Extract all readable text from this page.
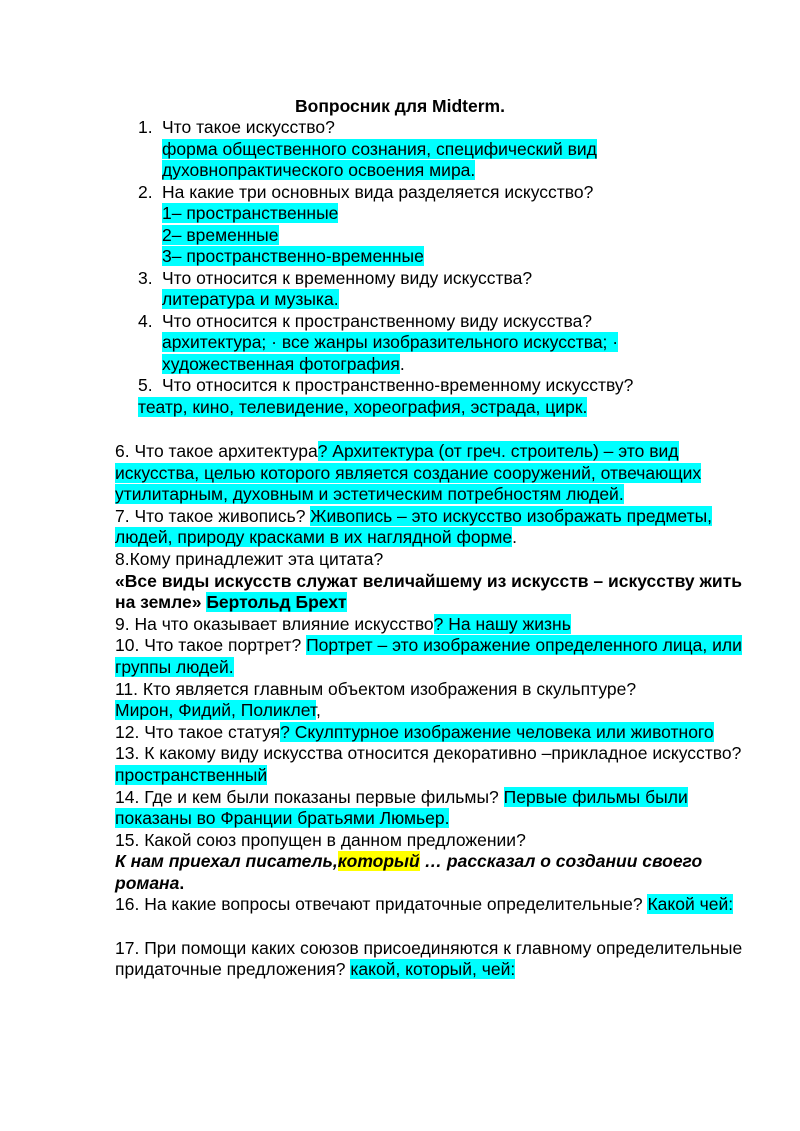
Вопросник для Midterm.
1. Что такое искусство?
форма общественного сознания, специфический вид
духовнопрактического освоения мира.
2. На какие три основных вида разделяется искусство?
1– пространственные
2– временные
3– пространственно-временные
3. Что относится к временному виду искусства?
литература и музыка.
4. Что относится к пространственному виду искусства?
архитектура; · все жанры изобразительного искусства; ·
художественная фотография.
5. Что относится к пространственно-временному искусству?
театр, кино, телевидение, хореография, эстрада, цирк.

6. Что такое архитектура? Архитектура (от греч. строитель) – это вид искусства, целью которого является создание сооружений, отвечающих утилитарным, духовным и эстетическим потребностям людей.

7. Что такое живопись? Живопись – это искусство изображать предметы, людей, природу красками в их наглядной форме.

8.Кому принадлежит эта цитата?

«Все виды искусств служат величайшему из искусств – искусству жить на земле» Бертольд Брехт

9. На что оказывает влияние искусство? На нашу жизнь

10. Что такое портрет? Портрет – это изображение определенного лица, или группы людей.

11. Кто является главным объектом изображения в скульптуре?

Мирон, Фидий, Поликлет,

12. Что такое статуя? Скулптурное изображение человека или животного

13. К какому виду искусства относится декоративно –прикладное искусство? пространственный

14. Где и кем были показаны первые фильмы? Первые фильмы были показаны во Франции братьями Люмьер.

15. Какой союз пропущен в данном предложении?

К нам приехал писатель,который … рассказал о создании своего романа.

16. На какие вопросы отвечают придаточные определительные? Какой чей:

17. При помощи каких союзов присоединяются к главному определительные придаточные предложения? какой, который, чей:
